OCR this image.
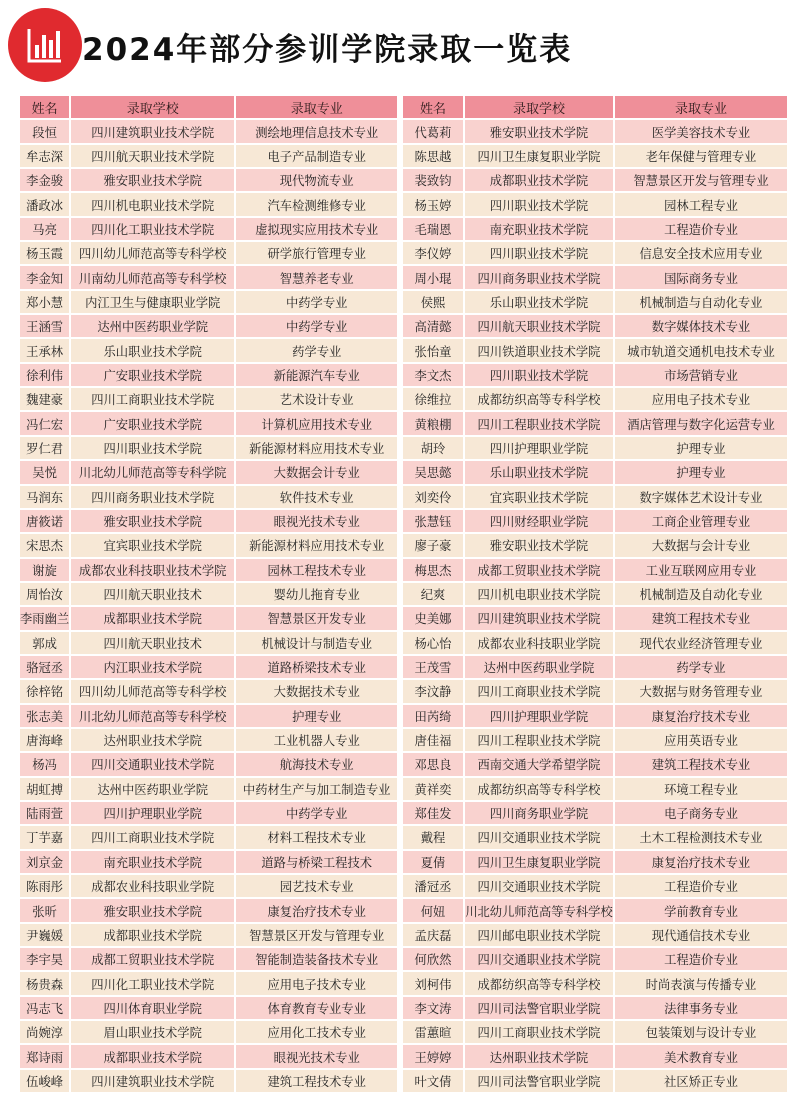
2024年部分参训学院录取一览表
姓名	录取学校	录取专业
段恒	四川建筑职业技术学院	测绘地理信息技术专业
牟志深	四川航天职业技术学院	电子产品制造专业
李金骏	雅安职业技术学院	现代物流专业
潘政冰	四川机电职业技术学院	汽车检测维修专业
马亮	四川化工职业技术学院	虚拟现实应用技术专业
杨玉霞	四川幼儿师范高等专科学校	研学旅行管理专业
李金知	川南幼儿师范高等专科学校	智慧养老专业
郑小慧	内江卫生与健康职业学院	中药学专业
王涵雪	达州中医药职业学院	中药学专业
王承林	乐山职业技术学院	药学专业
徐利伟	广安职业技术学院	新能源汽车专业
魏建豪	四川工商职业技术学院	艺术设计专业
冯仁宏	广安职业技术学院	计算机应用技术专业
罗仁君	四川职业技术学院	新能源材料应用技术专业
吴悦	川北幼儿师范高等专科学院	大数据会计专业
马润东	四川商务职业技术学院	软件技术专业
唐筱诺	雅安职业技术学院	眼视光技术专业
宋思杰	宜宾职业技术学院	新能源材料应用技术专业
谢旋	成都农业科技职业技术学院	园林工程技术专业
周怡汝	四川航天职业技术	婴幼儿拖育专业
李雨幽兰	成都职业技术学院	智慧景区开发专业
郭成	四川航天职业技术	机械设计与制造专业
骆冠丞	内江职业技术学院	道路桥梁技术专业
徐梓铭	四川幼儿师范高等专科学校	大数据技术专业
张志美	川北幼儿师范高等专科学校	护理专业
唐海峰	达州职业技术学院	工业机器人专业
杨冯	四川交通职业技术学院	航海技术专业
胡虹搏	达州中医药职业学院	中药材生产与加工制造专业
陆雨萱	四川护理职业学院	中药学专业
丁芋嘉	四川工商职业技术学院	材料工程技术专业
刘京金	南充职业技术学院	道路与桥梁工程技术
陈雨彤	成都农业科技职业学院	园艺技术专业
张昕	雅安职业技术学院	康复治疗技术专业
尹巍媛	成都职业技术学院	智慧景区开发与管理专业
李宇昊	成都工贸职业技术学院	智能制造装备技术专业
杨贵森	四川化工职业技术学院	应用电子技术专业
冯志飞	四川体育职业学院	体育教育专业专业
尚婉淳	眉山职业技术学院	应用化工技术专业
郑诗雨	成都职业技术学院	眼视光技术专业
伍峻峰	四川建筑职业技术学院	建筑工程技术专业
姓名	录取学校	录取专业
代葛莉	雅安职业技术学院	医学美容技术专业
陈思越	四川卫生康复职业学院	老年保健与管理专业
裴致钧	成都职业技术学院	智慧景区开发与管理专业
杨玉婷	四川职业技术学院	园林工程专业
毛瑞恩	南充职业技术学院	工程造价专业
李仪婷	四川职业技术学院	信息安全技术应用专业
周小琨	四川商务职业技术学院	国际商务专业
侯熙	乐山职业技术学院	机械制造与自动化专业
高清懿	四川航天职业技术学院	数字媒体技术专业
张怡童	四川铁道职业技术学院	城市轨道交通机电技术专业
李文杰	四川职业技术学院	市场营销专业
徐维拉	成都纺织高等专科学校	应用电子技术专业
黄粮棚	四川工程职业技术学院	酒店管理与数字化运营专业
胡玲	四川护理职业学院	护理专业
吴思懿	乐山职业技术学院	护理专业
刘奕伶	宜宾职业技术学院	数字媒体艺术设计专业
张慧钰	四川财经职业学院	工商企业管理专业
廖子豪	雅安职业技术学院	大数据与会计专业
梅思杰	成都工贸职业技术学院	工业互联网应用专业
纪爽	四川机电职业技术学院	机械制造及自动化专业
史美娜	四川建筑职业技术学院	建筑工程技术专业
杨心怡	成都农业科技职业学院	现代农业经济管理专业
王茂雪	达州中医药职业学院	药学专业
李汶静	四川工商职业技术学院	大数据与财务管理专业
田芮绮	四川护理职业学院	康复治疗技术专业
唐佳福	四川工程职业技术学院	应用英语专业
邓思良	西南交通大学希望学院	建筑工程技术专业
黄祥奕	成都纺织高等专科学校	环境工程专业
郑佳发	四川商务职业学院	电子商务专业
戴程	四川交通职业技术学院	土木工程检测技术专业
夏倩	四川卫生康复职业学院	康复治疗技术专业
潘冠丞	四川交通职业技术学院	工程造价专业
何妞	川北幼儿师范高等专科学校	学前教育专业
孟庆磊	四川邮电职业技术学院	现代通信技术专业
何欣然	四川交通职业技术学院	工程造价专业
刘柯伟	成都纺织高等专科学校	时尚表演与传播专业
李文涛	四川司法警官职业学院	法律事务专业
雷蕙暄	四川工商职业技术学院	包装策划与设计专业
王婷婷	达州职业技术学院	美术教育专业
叶文倩	四川司法警官职业学院	社区矫正专业
